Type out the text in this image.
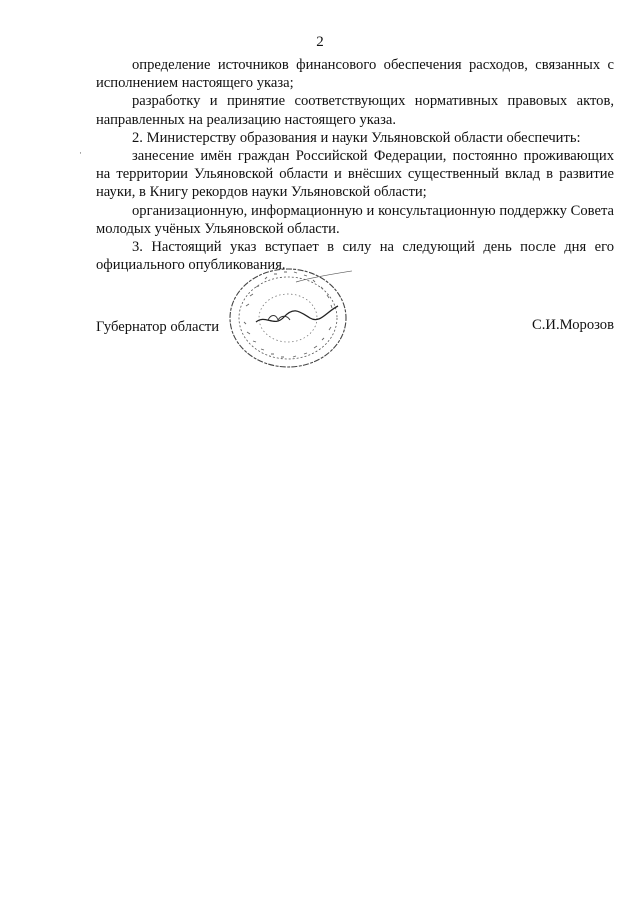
2
·

определение источников финансового обеспечения расходов, связанных с исполнением настоящего указа;

разработку и принятие соответствующих нормативных правовых актов, направленных на реализацию настоящего указа.

2. Министерству образования и науки Ульяновской области обеспечить:

занесение имён граждан Российской Федерации, постоянно проживающих на территории Ульяновской области и внёсших существенный вклад в развитие науки, в Книгу рекордов науки Ульяновской области;

организационную, информационную и консультационную поддержку Совета молодых учёных Ульяновской области.

3. Настоящий указ вступает в силу на следующий день после дня его официального опубликования.

Губернатор области	С.И.Морозов
